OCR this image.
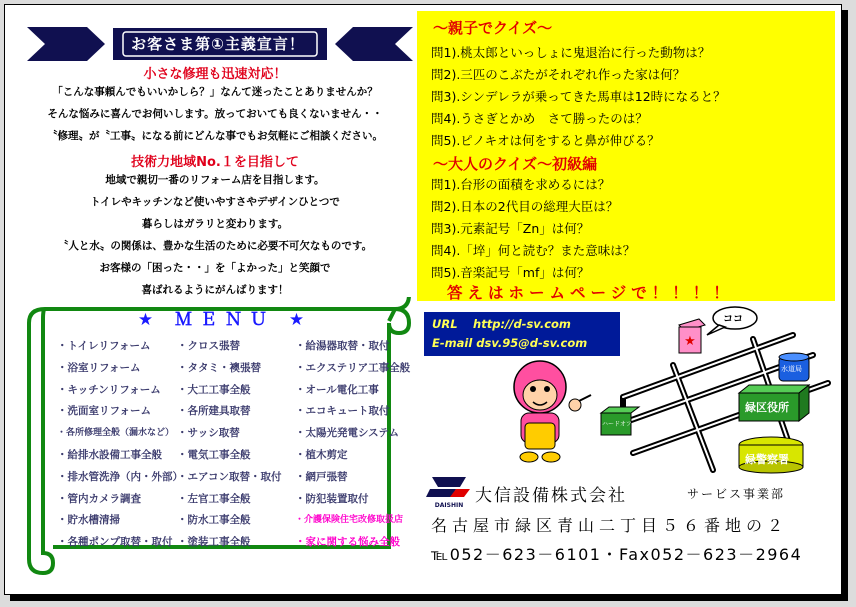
お客さま第①主義宣言！
小さな修理も迅速対応！
「こんな事頼んでもいいかしら？」なんて迷ったことありませんか？
そんな悩みに喜んでお伺いします。放っておいても良くないません・・
〝修理〟が〝工事〟になる前にどんな事でもお気軽にご相談ください。
技術力地域No.１を目指して
地域で親切一番のリフォーム店を目指します。
トイレやキッチンなど使いやすさやデザインひとつで
暮らしはガラリと変わります。
〝人と水〟の関係は、豊かな生活のために必要不可欠なものです。
お客様の「困った・・」を「よかった」と笑顔で
喜ばれるようにがんばります！
★ ＭＥＮＵ ★
・トイレリフォーム
・浴室リフォーム
・キッチンリフォーム
・洗面室リフォーム
・各所修理全般（漏水など）
・給排水設備工事全般
・排水管洗浄（内・外部）
・管内カメラ調査
・貯水槽清掃
・各種ポンプ取替・取付
・クロス張替
・タタミ・襖張替
・大工工事全般
・各所建具取替
・サッシ取替
・電気工事全般
・エアコン取替・取付
・左官工事全般
・防水工事全般
・塗装工事全般
・給湯器取替・取付
・エクステリア工事全般
・オール電化工事
・エコキュート取付
・太陽光発電システム
・植木剪定
・網戸張替
・防犯装置取付
・介護保険住宅改修取扱店
・家に関する悩み全般
～親子でクイズ～
問1).桃太郎といっしょに鬼退治に行った動物は？
問2).三匹のこぶたがそれぞれ作った家は何？
問3).シンデレラが乗ってきた馬車は12時になると？
問4).うさぎとかめ　さて勝ったのは？
問5).ピノキオは何をすると鼻が伸びる？
～大人のクイズ～初級編
問1).台形の面積を求めるには？
問2).日本の2代目の総理大臣は？
問3).元素記号「Zn」は何？
問4).「埣」何と読む？また意味は？
問5).音楽記号「mf」は何？
答えはホームページで！！！！
★
ココ
水道局
緑区役所
ハードオフ
緑警察署
URL　 http://d-sv.com
E-mail dsv.95@d-sv.com
DAISHIN 大信設備株式会社	サービス事業部
名古屋市緑区青山二丁目５６番地の２
℡052－623－6101・Fax052－623－2964
